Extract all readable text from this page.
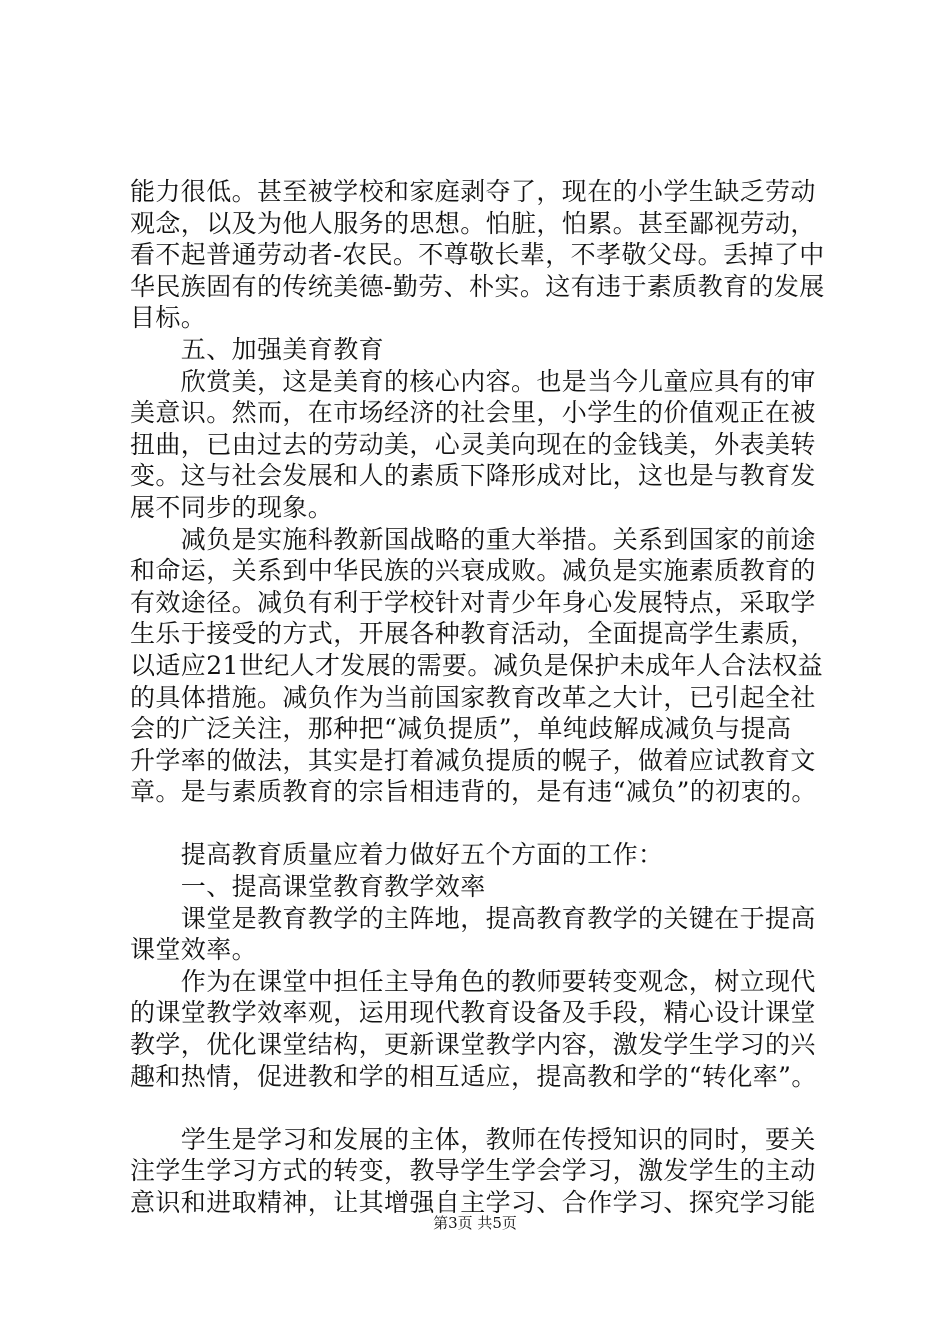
能力很低。甚至被学校和家庭剥夺了，现在的小学生缺乏劳动
观念，以及为他人服务的思想。怕脏，怕累。甚至鄙视劳动，
看不起普通劳动者-农民。不尊敬长辈，不孝敬父母。丢掉了中
华民族固有的传统美德-勤劳、朴实。这有违于素质教育的发展
目标。
　　五、加强美育教育
　　欣赏美，这是美育的核心内容。也是当今儿童应具有的审
美意识。然而，在市场经济的社会里，小学生的价值观正在被
扭曲，已由过去的劳动美，心灵美向现在的金钱美，外表美转
变。这与社会发展和人的素质下降形成对比，这也是与教育发
展不同步的现象。
　　减负是实施科教新国战略的重大举措。关系到国家的前途
和命运，关系到中华民族的兴衰成败。减负是实施素质教育的
有效途径。减负有利于学校针对青少年身心发展特点，采取学
生乐于接受的方式，开展各种教育活动，全面提高学生素质，
以适应21世纪人才发展的需要。减负是保护未成年人合法权益
的具体措施。减负作为当前国家教育改革之大计，已引起全社
会的广泛关注，那种把“减负提质”，单纯歧解成减负与提高
升学率的做法，其实是打着减负提质的幌子，做着应试教育文
章。是与素质教育的宗旨相违背的，是有违“减负”的初衷的。
　　提高教育质量应着力做好五个方面的工作：
　　一、提高课堂教育教学效率
　　课堂是教育教学的主阵地，提高教育教学的关键在于提高
课堂效率。
　　作为在课堂中担任主导角色的教师要转变观念，树立现代
的课堂教学效率观，运用现代教育设备及手段，精心设计课堂
教学，优化课堂结构，更新课堂教学内容，激发学生学习的兴
趣和热情，促进教和学的相互适应，提高教和学的“转化率”。
　　学生是学习和发展的主体，教师在传授知识的同时，要关
注学生学习方式的转变，教导学生学会学习，激发学生的主动
意识和进取精神，让其增强自主学习、合作学习、探究学习能
第3页 共5页
